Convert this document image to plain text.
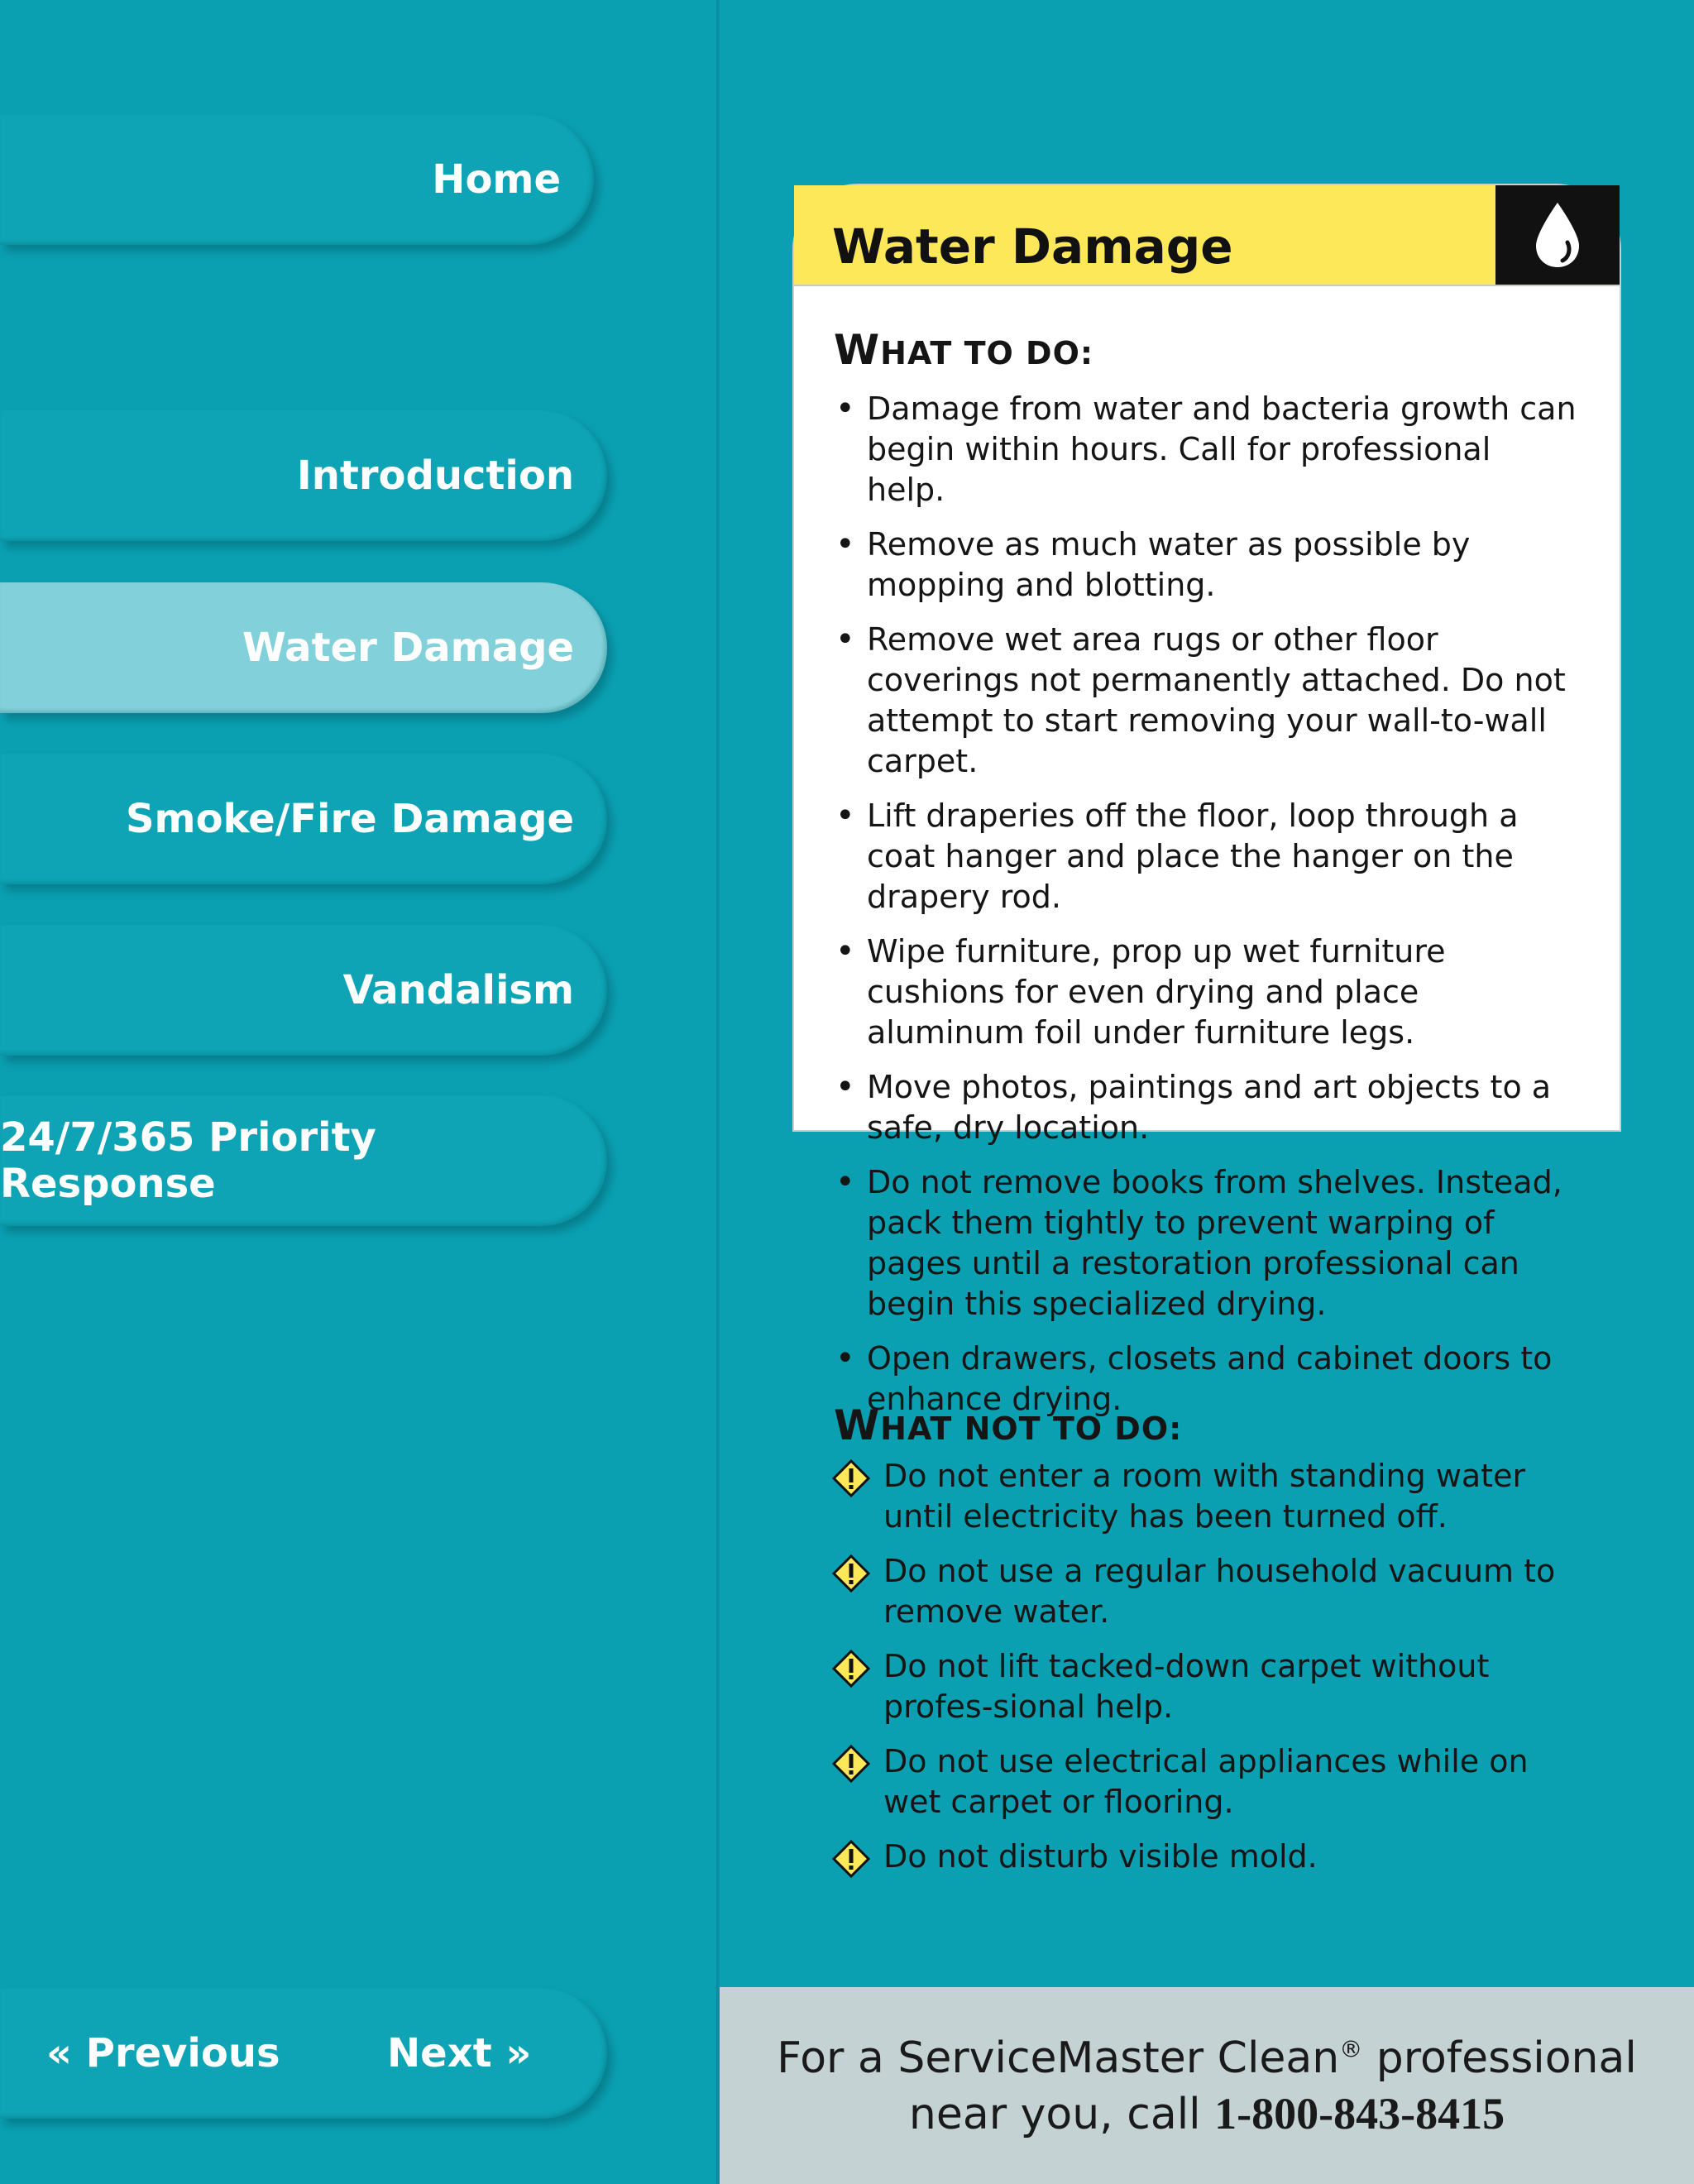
Home
Introduction
Water Damage
Smoke/Fire Damage
Vandalism
24/7/365 Priority Response
« Previous	Next »
Water Damage
WHAT TO DO:
• Damage from water and bacteria growth can begin within hours. Call for professional help.
• Remove as much water as possible by mopping and blotting.
• Remove wet area rugs or other floor coverings not permanently attached. Do not attempt to start removing your wall-to-wall carpet.
• Lift draperies off the floor, loop through a coat hanger and place the hanger on the drapery rod.
• Wipe furniture, prop up wet furniture cushions for even drying and place aluminum foil under furniture legs.
• Move photos, paintings and art objects to a safe, dry location.
• Do not remove books from shelves. Instead, pack them tightly to prevent warping of pages until a restoration professional can begin this specialized drying.
• Open drawers, closets and cabinet doors to enhance drying.
WHAT NOT TO DO:
Do not enter a room with standing water until electricity has been turned off.
Do not use a regular household vacuum to remove water.
Do not lift tacked-down carpet without profes-sional help.
Do not use electrical appliances while on wet carpet or flooring.
Do not disturb visible mold.
For a ServiceMaster Clean® professional
near you, call 1-800-843-8415
